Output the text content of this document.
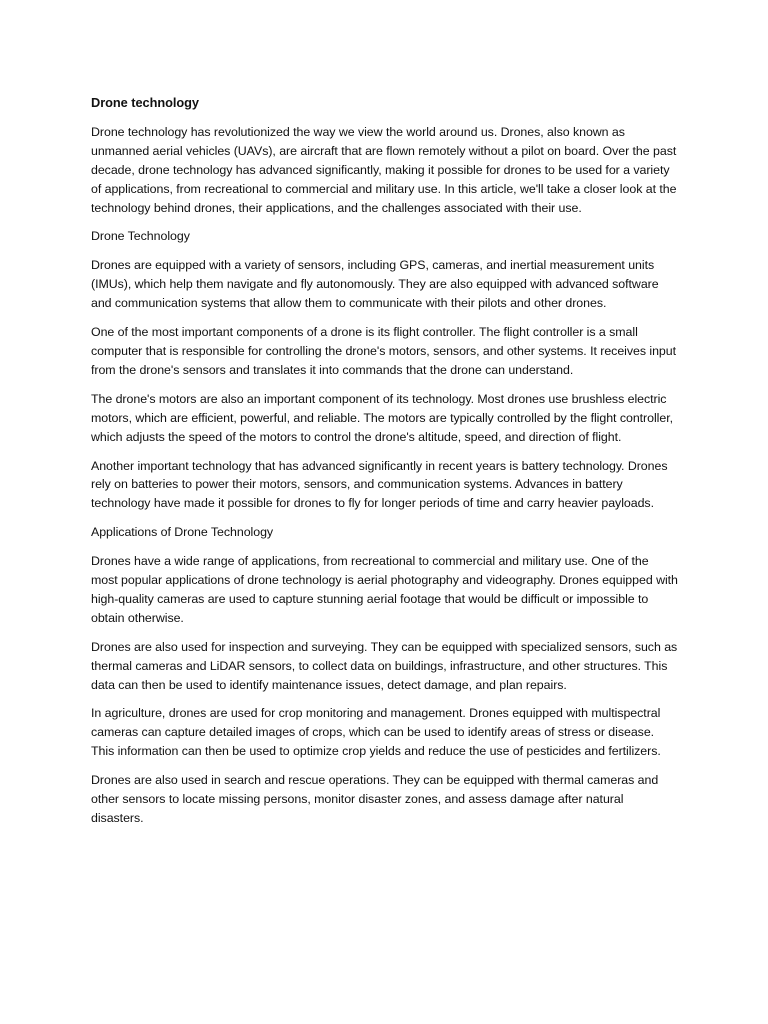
Drone technology

Drone technology has revolutionized the way we view the world around us. Drones, also known as unmanned aerial vehicles (UAVs), are aircraft that are flown remotely without a pilot on board. Over the past decade, drone technology has advanced significantly, making it possible for drones to be used for a variety of applications, from recreational to commercial and military use. In this article, we'll take a closer look at the technology behind drones, their applications, and the challenges associated with their use.

Drone Technology

Drones are equipped with a variety of sensors, including GPS, cameras, and inertial measurement units (IMUs), which help them navigate and fly autonomously. They are also equipped with advanced software and communication systems that allow them to communicate with their pilots and other drones.

One of the most important components of a drone is its flight controller. The flight controller is a small computer that is responsible for controlling the drone's motors, sensors, and other systems. It receives input from the drone's sensors and translates it into commands that the drone can understand.

The drone's motors are also an important component of its technology. Most drones use brushless electric motors, which are efficient, powerful, and reliable. The motors are typically controlled by the flight controller, which adjusts the speed of the motors to control the drone's altitude, speed, and direction of flight.

Another important technology that has advanced significantly in recent years is battery technology. Drones rely on batteries to power their motors, sensors, and communication systems. Advances in battery technology have made it possible for drones to fly for longer periods of time and carry heavier payloads.

Applications of Drone Technology

Drones have a wide range of applications, from recreational to commercial and military use. One of the most popular applications of drone technology is aerial photography and videography. Drones equipped with high-quality cameras are used to capture stunning aerial footage that would be difficult or impossible to obtain otherwise.

Drones are also used for inspection and surveying. They can be equipped with specialized sensors, such as thermal cameras and LiDAR sensors, to collect data on buildings, infrastructure, and other structures. This data can then be used to identify maintenance issues, detect damage, and plan repairs.

In agriculture, drones are used for crop monitoring and management. Drones equipped with multispectral cameras can capture detailed images of crops, which can be used to identify areas of stress or disease. This information can then be used to optimize crop yields and reduce the use of pesticides and fertilizers.

Drones are also used in search and rescue operations. They can be equipped with thermal cameras and other sensors to locate missing persons, monitor disaster zones, and assess damage after natural disasters.
